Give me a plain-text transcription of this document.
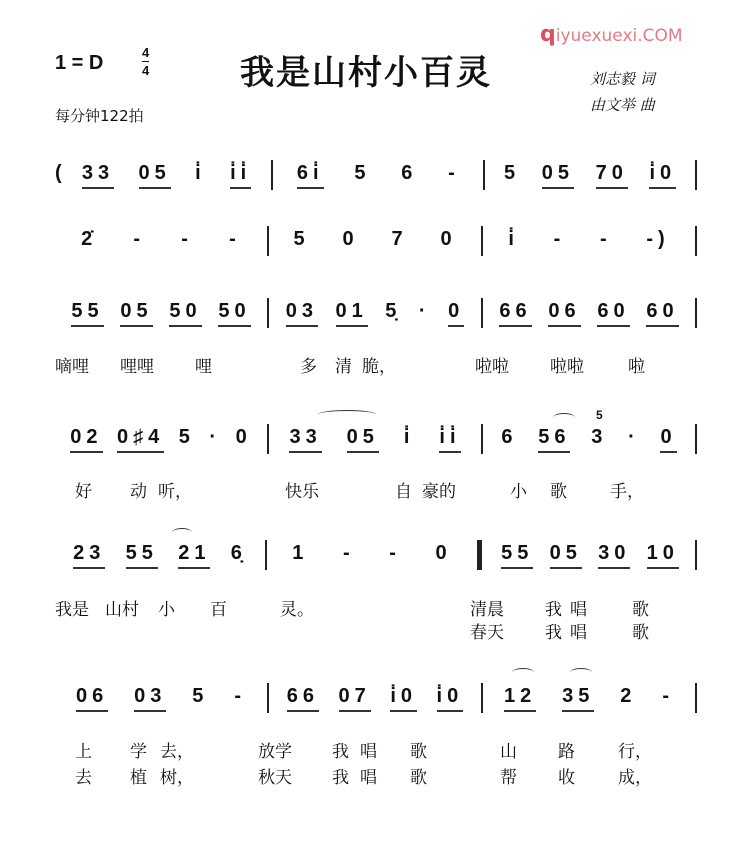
qiyuexuexi.COM
1 = D	4
4	我是山村小百灵	刘志毅 词
由文举 曲
每分钟122拍
( 33 05 i̇ i̇i̇ 6i̇ 5 6 - 5 05 70 i̇0
2̇ - - -	5 0 7 0	i̇ - - -)
55 05 50 50 03 01 5̣ · 0 66 06 60 60
02 0♯4 5 · 0 33 05 i̇ i̇i̇ 6 56 3 · 0
23 55 21 6̣ 1 - - 0 55 05 30 10
06 03 5 - 66 07 i̇0 i̇0 12 35 2 -
嘀哩 哩哩 哩	多 清 脆，	啦啦 啦啦	啦
好 动 听，	快乐	自 豪的	小 歌	手，
我是 山村 小 百	灵。	清晨 我 唱	歌
春天 我 唱	歌
上 学 去，	放学 我 唱 歌	山 路	行，
去 植 树，	秋天 我 唱 歌	帮 收	成，
5
